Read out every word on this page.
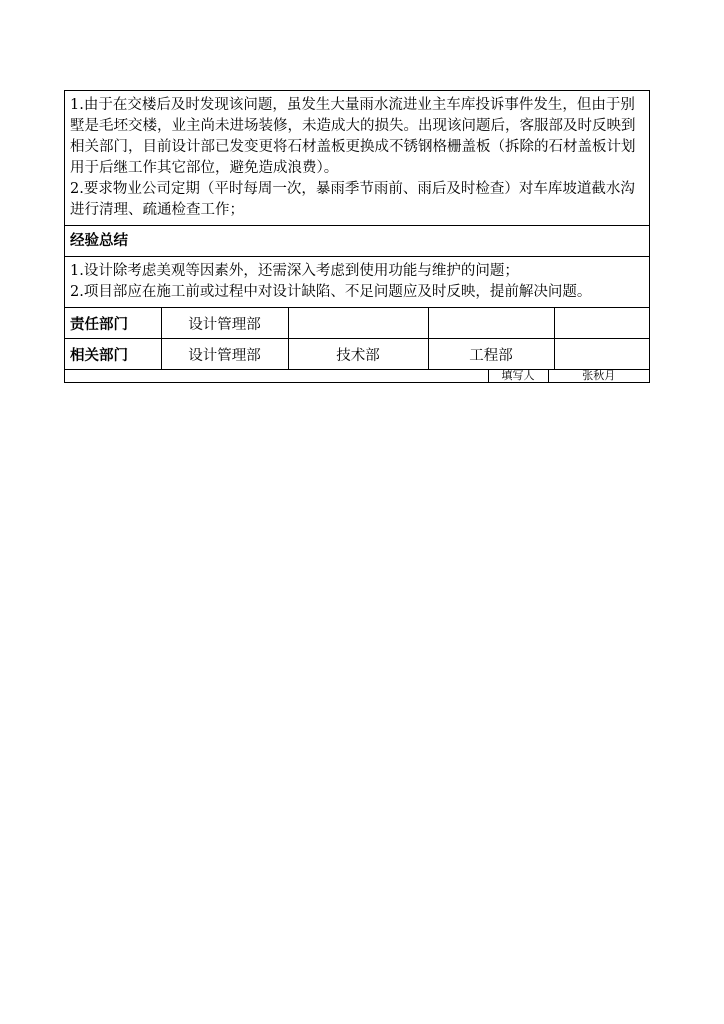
1.由于在交楼后及时发现该问题，虽发生大量雨水流进业主车库投诉事件发生，但由于别墅是毛坯交楼，业主尚未进场装修，未造成大的损失。出现该问题后，客服部及时反映到相关部门，目前设计部已发变更将石材盖板更换成不锈钢格栅盖板（拆除的石材盖板计划用于后继工作其它部位，避免造成浪费）。
2.要求物业公司定期（平时每周一次，暴雨季节雨前、雨后及时检查）对车库坡道截水沟进行清理、疏通检查工作；
经验总结
1.设计除考虑美观等因素外，还需深入考虑到使用功能与维护的问题；
2.项目部应在施工前或过程中对设计缺陷、不足问题应及时反映，提前解决问题。
责任部门	设计管理部			
相关部门	设计管理部	技术部	工程部	
	填写人	张秋月
